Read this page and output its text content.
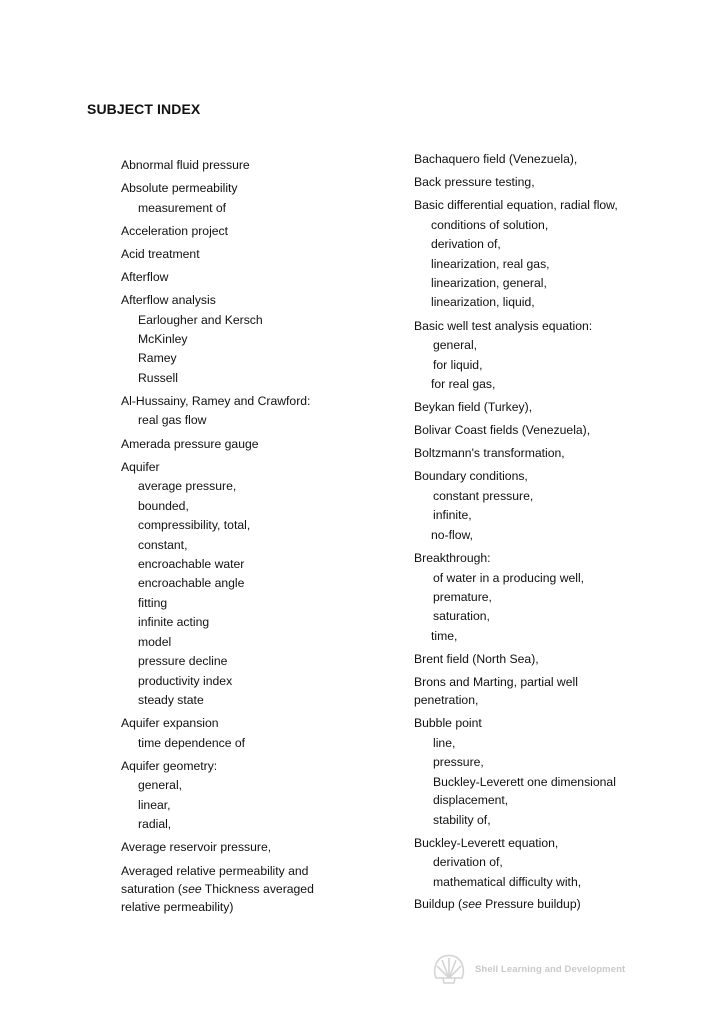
SUBJECT INDEX
Abnormal fluid pressure
Absolute permeability
measurement of
Acceleration project
Acid treatment
Afterflow
Afterflow analysis
Earlougher and Kersch
McKinley
Ramey
Russell
Al-Hussainy, Ramey and Crawford:
real gas flow
Amerada pressure gauge
Aquifer
average pressure,
bounded,
compressibility, total,
constant,
encroachable water
encroachable angle
fitting
infinite acting
model
pressure decline
productivity index
steady state
Aquifer expansion
time dependence of
Aquifer geometry:
general,
linear,
radial,
Average reservoir pressure,
Averaged relative permeability and
saturation (see Thickness averaged
relative permeability)
Bachaquero field (Venezuela),
Back pressure testing,
Basic differential equation, radial flow,
conditions of solution,
derivation of,
linearization, real gas,
linearization, general,
linearization, liquid,
Basic well test analysis equation:
general,
for liquid,
for real gas,
Beykan field (Turkey),
Bolivar Coast fields (Venezuela),
Boltzmann's transformation,
Boundary conditions,
constant pressure,
infinite,
no-flow,
Breakthrough:
of water in a producing well,
premature,
saturation,
time,
Brent field (North Sea),
Brons and Marting, partial well
penetration,
Bubble point
line,
pressure,
Buckley-Leverett one dimensional
displacement,
stability of,
Buckley-Leverett equation,
derivation of,
mathematical difficulty with,
Buildup (see Pressure buildup)
Shell Learning and Development
